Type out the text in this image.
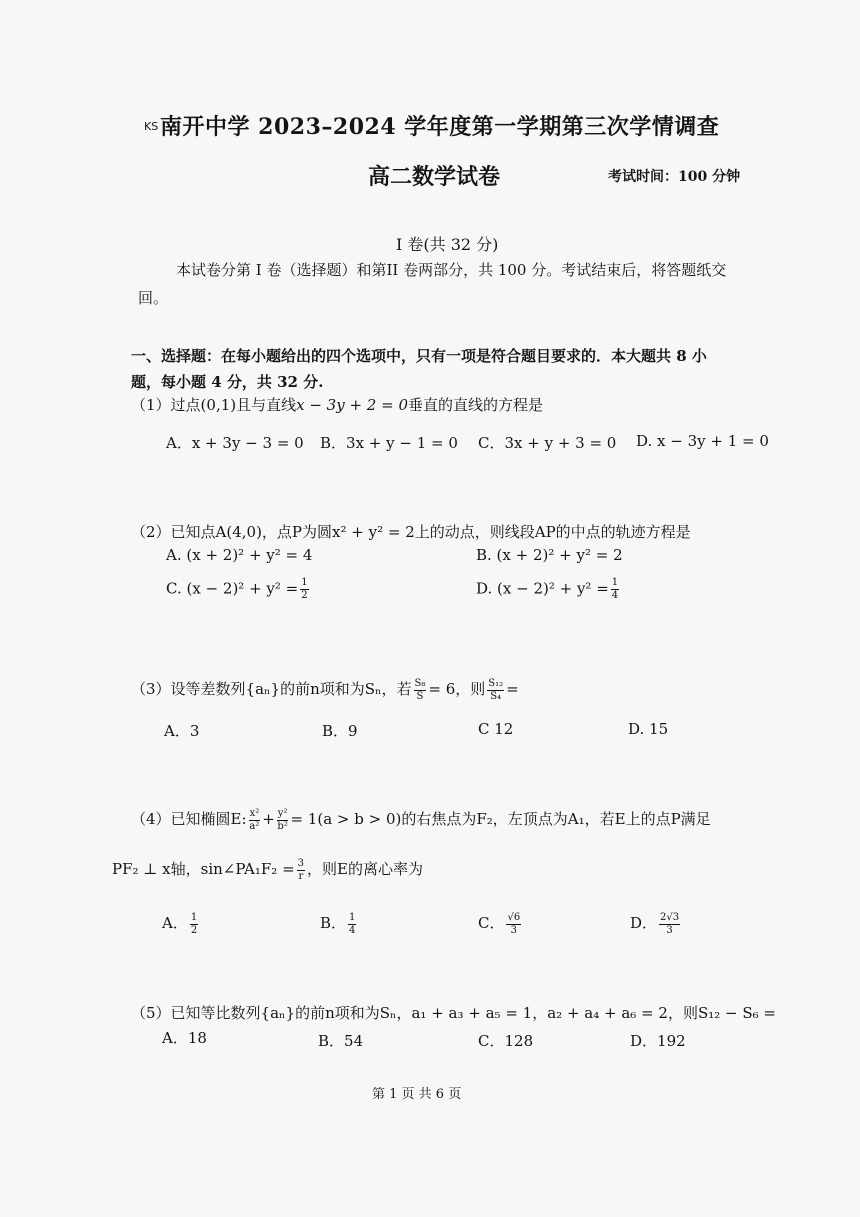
KS 南开中学 2023–2024 学年度第一学期第三次学情调查
高二数学试卷	考试时间：100 分钟
I 卷(共 32 分)
本试卷分第 I 卷（选择题）和第II 卷两部分，共 100 分。考试结束后，将答题纸交
回。
一、选择题：在每小题给出的四个选项中，只有一项是符合题目要求的．本大题共 8 小
题，每小题 4 分，共 32 分.
（1）过点(0,1)且与直线x − 3y + 2 = 0垂直的直线的方程是
A．x + 3y − 3 = 0 B．3x + y − 1 = 0 C．3x + y + 3 = 0 D. x − 3y + 1 = 0
（2）已知点A(4,0)，点P为圆x² + y² = 2上的动点，则线段AP的中点的轨迹方程是
A. (x + 2)² + y² = 4	B. (x + 2)² + y² = 2
C. $(x - 2)^2 + y^2 = \frac{1}{2}$	D. $(x - 2)^2 + y^2 = \frac{1}{4}$
（3）设等差数列{aₙ}的前n项和为Sₙ，若 $\frac{\text{S₈}}{S} = 6$，则 $\frac{\text{S₁₂}}{\text{S₄}}$ =
A．3	B．9	C 12	D. 15
（4）已知椭圆E: $\frac{\text{x²}}{\text{a²}} + \frac{\text{y²}}{\text{b²}} = 1(a > b > 0)$的右焦点为F₂，左顶点为A₁，若E上的点P满足
PF₂ ⊥ x轴，sin∠PA₁F₂ = $\frac{3}{r}$ ，则E的离心率为
A． $\frac{1}{2}$	B． $\frac{1}{4}$	C． $\frac{√6}{3}$	D． $\frac{2√3}{3}$
（5）已知等比数列{aₙ}的前n项和为Sₙ，a₁ + a₃ + a₅ = 1，a₂ + a₄ + a₆ = 2，则S₁₂ − S₆ =
A．18	B．54	C．128	D．192
第 1 页 共 6 页
